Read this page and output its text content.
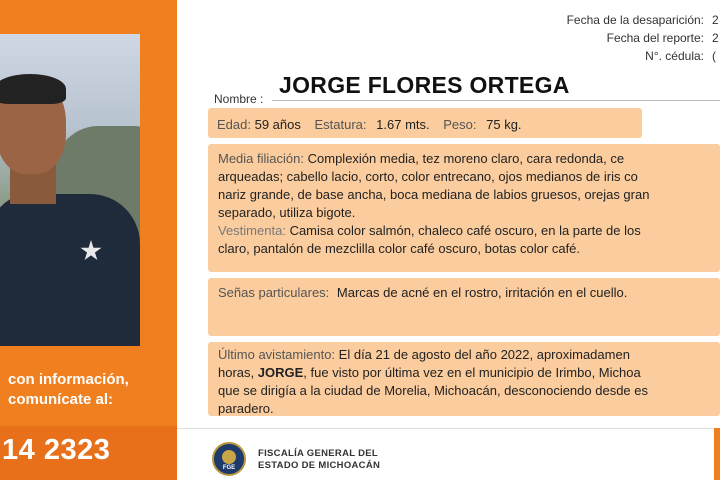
con información,
comunícate al:
14 2323
Fecha de la desaparición: 2
Fecha del reporte: 2
N°. cédula: (
Nombre :
JORGE FLORES ORTEGA
Edad: 59 años Estatura: 1.67 mts. Peso: 75 kg.
Media filiación: Complexión media, tez moreno claro, cara redonda, ce
arqueadas; cabello lacio, corto, color entrecano, ojos medianos de iris co
nariz grande, de base ancha, boca mediana de labios gruesos, orejas gran
separado, utiliza bigote.
Vestimenta: Camisa color salmón, chaleco café oscuro, en la parte de los
claro, pantalón de mezclilla color café oscuro, botas color café.
Señas particulares: Marcas de acné en el rostro, irritación en el cuello.
Último avistamiento: El día 21 de agosto del año 2022, aproximadamen
horas, JORGE, fue visto por última vez en el municipio de Irimbo, Michoa
que se dirigía a la ciudad de Morelia, Michoacán, desconociendo desde es
paradero.
FGE
FISCALÍA GENERAL DEL
ESTADO DE MICHOACÁN
